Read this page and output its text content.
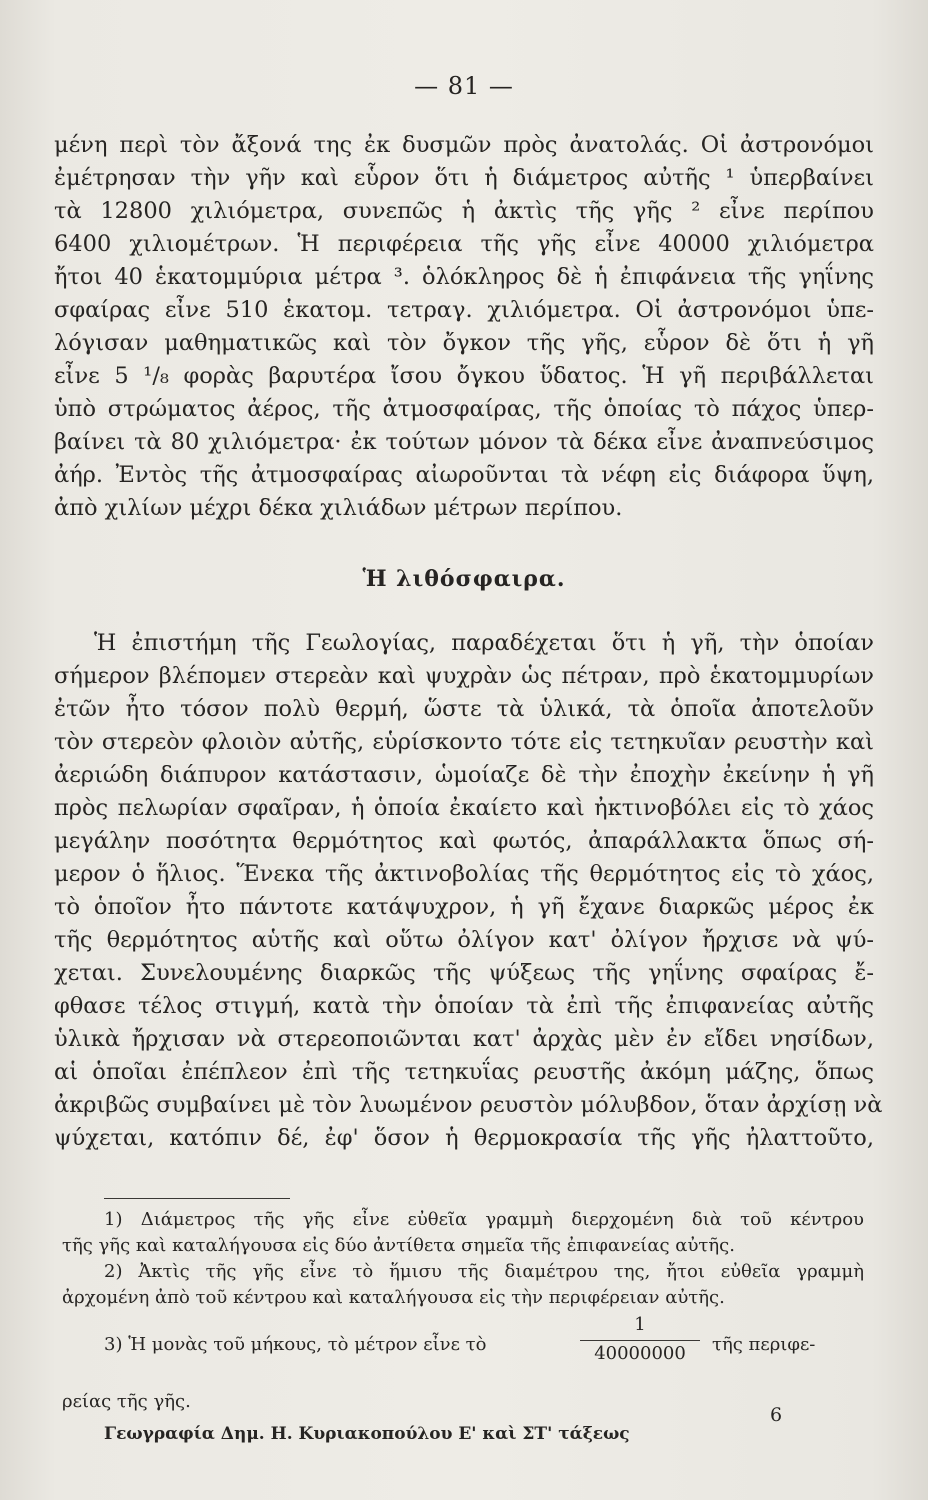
— 81 —
μένη περὶ τὸν ἄξονά της ἐκ δυσμῶν πρὸς ἀνατολάς. Οἱ ἀστρονόμοι
ἐμέτρησαν τὴν γῆν καὶ εὗρον ὅτι ἡ διάμετρος αὐτῆς ¹ ὑπερβαίνει
τὰ 12800 χιλιόμετρα, συνεπῶς ἡ ἀκτὶς τῆς γῆς ² εἶνε περίπου
6400 χιλιομέτρων. Ἡ περιφέρεια τῆς γῆς εἶνε 40000 χιλιόμετρα
ἤτοι 40 ἑκατομμύρια μέτρα ³. ὁλόκληρος δὲ ἡ ἐπιφάνεια τῆς γηΐνης
σφαίρας εἶνε 510 ἑκατομ. τετραγ. χιλιόμετρα. Οἱ ἀστρονόμοι ὑπε-
λόγισαν μαθηματικῶς καὶ τὸν ὄγκον τῆς γῆς, εὗρον δὲ ὅτι ἡ γῆ
εἶνε 5 ¹/₈ φορὰς βαρυτέρα ἴσου ὄγκου ὕδατος. Ἡ γῆ περιβάλλεται
ὑπὸ στρώματος ἀέρος, τῆς ἀτμοσφαίρας, τῆς ὁποίας τὸ πάχος ὑπερ-
βαίνει τὰ 80 χιλιόμετρα· ἐκ τούτων μόνον τὰ δέκα εἶνε ἀναπνεύσιμος
ἀήρ. Ἐντὸς τῆς ἀτμοσφαίρας αἰωροῦνται τὰ νέφη εἰς διάφορα ὕψη,
ἀπὸ χιλίων μέχρι δέκα χιλιάδων μέτρων περίπου.
Ἡ λιθόσφαιρα.
Ἡ ἐπιστήμη τῆς Γεωλογίας, παραδέχεται ὅτι ἡ γῆ, τὴν ὁποίαν
σήμερον βλέπομεν στερεὰν καὶ ψυχρὰν ὡς πέτραν, πρὸ ἑκατομμυρίων
ἐτῶν ἦτο τόσον πολὺ θερμή, ὥστε τὰ ὑλικά, τὰ ὁποῖα ἀποτελοῦν
τὸν στερεὸν φλοιὸν αὐτῆς, εὑρίσκοντο τότε εἰς τετηκυῖαν ρευστὴν καὶ
ἀεριώδη διάπυρον κατάστασιν, ὡμοίαζε δὲ τὴν ἐποχὴν ἐκείνην ἡ γῆ
πρὸς πελωρίαν σφαῖραν, ἡ ὁποία ἐκαίετο καὶ ἠκτινοβόλει εἰς τὸ χάος
μεγάλην ποσότητα θερμότητος καὶ φωτός, ἀπαράλλακτα ὅπως σή-
μερον ὁ ἥλιος. Ἕνεκα τῆς ἀκτινοβολίας τῆς θερμότητος εἰς τὸ χάος,
τὸ ὁποῖον ἦτο πάντοτε κατάψυχρον, ἡ γῆ ἔχανε διαρκῶς μέρος ἐκ
τῆς θερμότητος αὑτῆς καὶ οὕτω ὀλίγον κατ' ὀλίγον ἤρχισε νὰ ψύ-
χεται. Συνελουμένης διαρκῶς τῆς ψύξεως τῆς γηΐνης σφαίρας ἔ-
φθασε τέλος στιγμή, κατὰ τὴν ὁποίαν τὰ ἐπὶ τῆς ἐπιφανείας αὐτῆς
ὑλικὰ ἤρχισαν νὰ στερεοποιῶνται κατ' ἀρχὰς μὲν ἐν εἴδει νησίδων,
αἱ ὁποῖαι ἐπέπλεον ἐπὶ τῆς τετηκυΐας ρευστῆς ἀκόμη μάζης, ὅπως
ἀκριβῶς συμβαίνει μὲ τὸν λυωμένον ρευστὸν μόλυβδον, ὅταν ἀρχίσῃ νὰ
ψύχεται, κατόπιν δέ, ἐφ' ὅσον ἡ θερμοκρασία τῆς γῆς ἠλαττοῦτο,
1) Διάμετρος τῆς γῆς εἶνε εὐθεῖα γραμμὴ διερχομένη διὰ τοῦ κέντρου
τῆς γῆς καὶ καταλήγουσα εἰς δύο ἀντίθετα σημεῖα τῆς ἐπιφανείας αὐτῆς.
2) Ἀκτὶς τῆς γῆς εἶνε τὸ ἥμισυ τῆς διαμέτρου της, ἤτοι εὐθεῖα γραμμὴ
ἀρχομένη ἀπὸ τοῦ κέντρου καὶ καταλήγουσα εἰς τὴν περιφέρειαν αὐτῆς.
3) Ἡ μονὰς τοῦ μήκους, τὸ μέτρον εἶνε τὸ
1
40000000	τῆς περιφε-
ρείας τῆς γῆς.
Γεωγραφία Δημ. Η. Κυριακοπούλου Ε' καὶ ΣΤ' τάξεως
6
